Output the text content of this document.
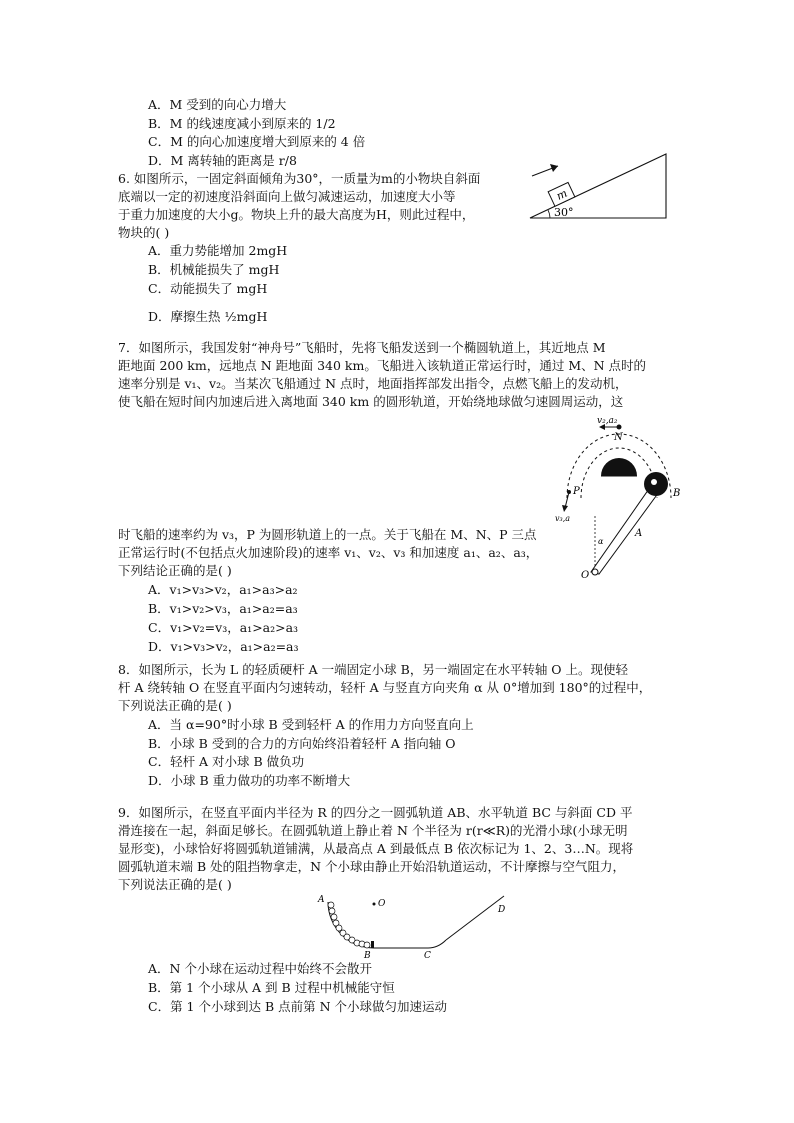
A．M 受到的向心力增大
B．M 的线速度减小到原来的 1/2
C．M 的向心加速度增大到原来的 4 倍
D．M 离转轴的距离是 r/8
6. 如图所示，一固定斜面倾角为30°，一质量为m的小物块自斜面
底端以一定的初速度沿斜面向上做匀减速运动，加速度大小等
于重力加速度的大小g。物块上升的最大高度为H，则此过程中，
物块的( )
A．重力势能增加 2mgH
B．机械能损失了 mgH
C．动能损失了 mgH
D．摩擦生热 ½mgH
m
30°
7．如图所示，我国发射“神舟号”飞船时，先将飞船发送到一个椭圆轨道上，其近地点 M
距地面 200 km，远地点 N 距地面 340 km。飞船进入该轨道正常运行时，通过 M、N 点时的
速率分别是 v₁、v₂。当某次飞船通过 N 点时，地面指挥部发出指令，点燃飞船上的发动机，
使飞船在短时间内加速后进入离地面 340 km 的圆形轨道，开始绕地球做匀速圆周运动，这
时飞船的速率约为 v₃，P 为圆形轨道上的一点。关于飞船在 M、N、P 三点
正常运行时(不包括点火加速阶段)的速率 v₁、v₂、v₃ 和加速度 a₁、a₂、a₃，
下列结论正确的是( )
A．v₁>v₃>v₂，a₁>a₃>a₂
B．v₁>v₂>v₃，a₁>a₂=a₃
C．v₁>v₂=v₃，a₁>a₂>a₃
D．v₁>v₃>v₂，a₁>a₂=a₃
v₂,a₂
N
P
v₃,a
B
A
O
α
8．如图所示，长为 L 的轻质硬杆 A 一端固定小球 B，另一端固定在水平转轴 O 上。现使轻
杆 A 绕转轴 O 在竖直平面内匀速转动，轻杆 A 与竖直方向夹角 α 从 0°增加到 180°的过程中，
下列说法正确的是( )
A．当 α=90°时小球 B 受到轻杆 A 的作用力方向竖直向上
B．小球 B 受到的合力的方向始终沿着轻杆 A 指向轴 O
C．轻杆 A 对小球 B 做负功
D．小球 B 重力做功的功率不断增大
9．如图所示，在竖直平面内半径为 R 的四分之一圆弧轨道 AB、水平轨道 BC 与斜面 CD 平
滑连接在一起，斜面足够长。在圆弧轨道上静止着 N 个半径为 r(r≪R)的光滑小球(小球无明
显形变)，小球恰好将圆弧轨道铺满，从最高点 A 到最低点 B 依次标记为 1、2、3…N。现将
圆弧轨道末端 B 处的阻挡物拿走，N 个小球由静止开始沿轨道运动，不计摩擦与空气阻力，
下列说法正确的是( )
A	O
B	C
D
A．N 个小球在运动过程中始终不会散开
B．第 1 个小球从 A 到 B 过程中机械能守恒
C．第 1 个小球到达 B 点前第 N 个小球做匀加速运动
